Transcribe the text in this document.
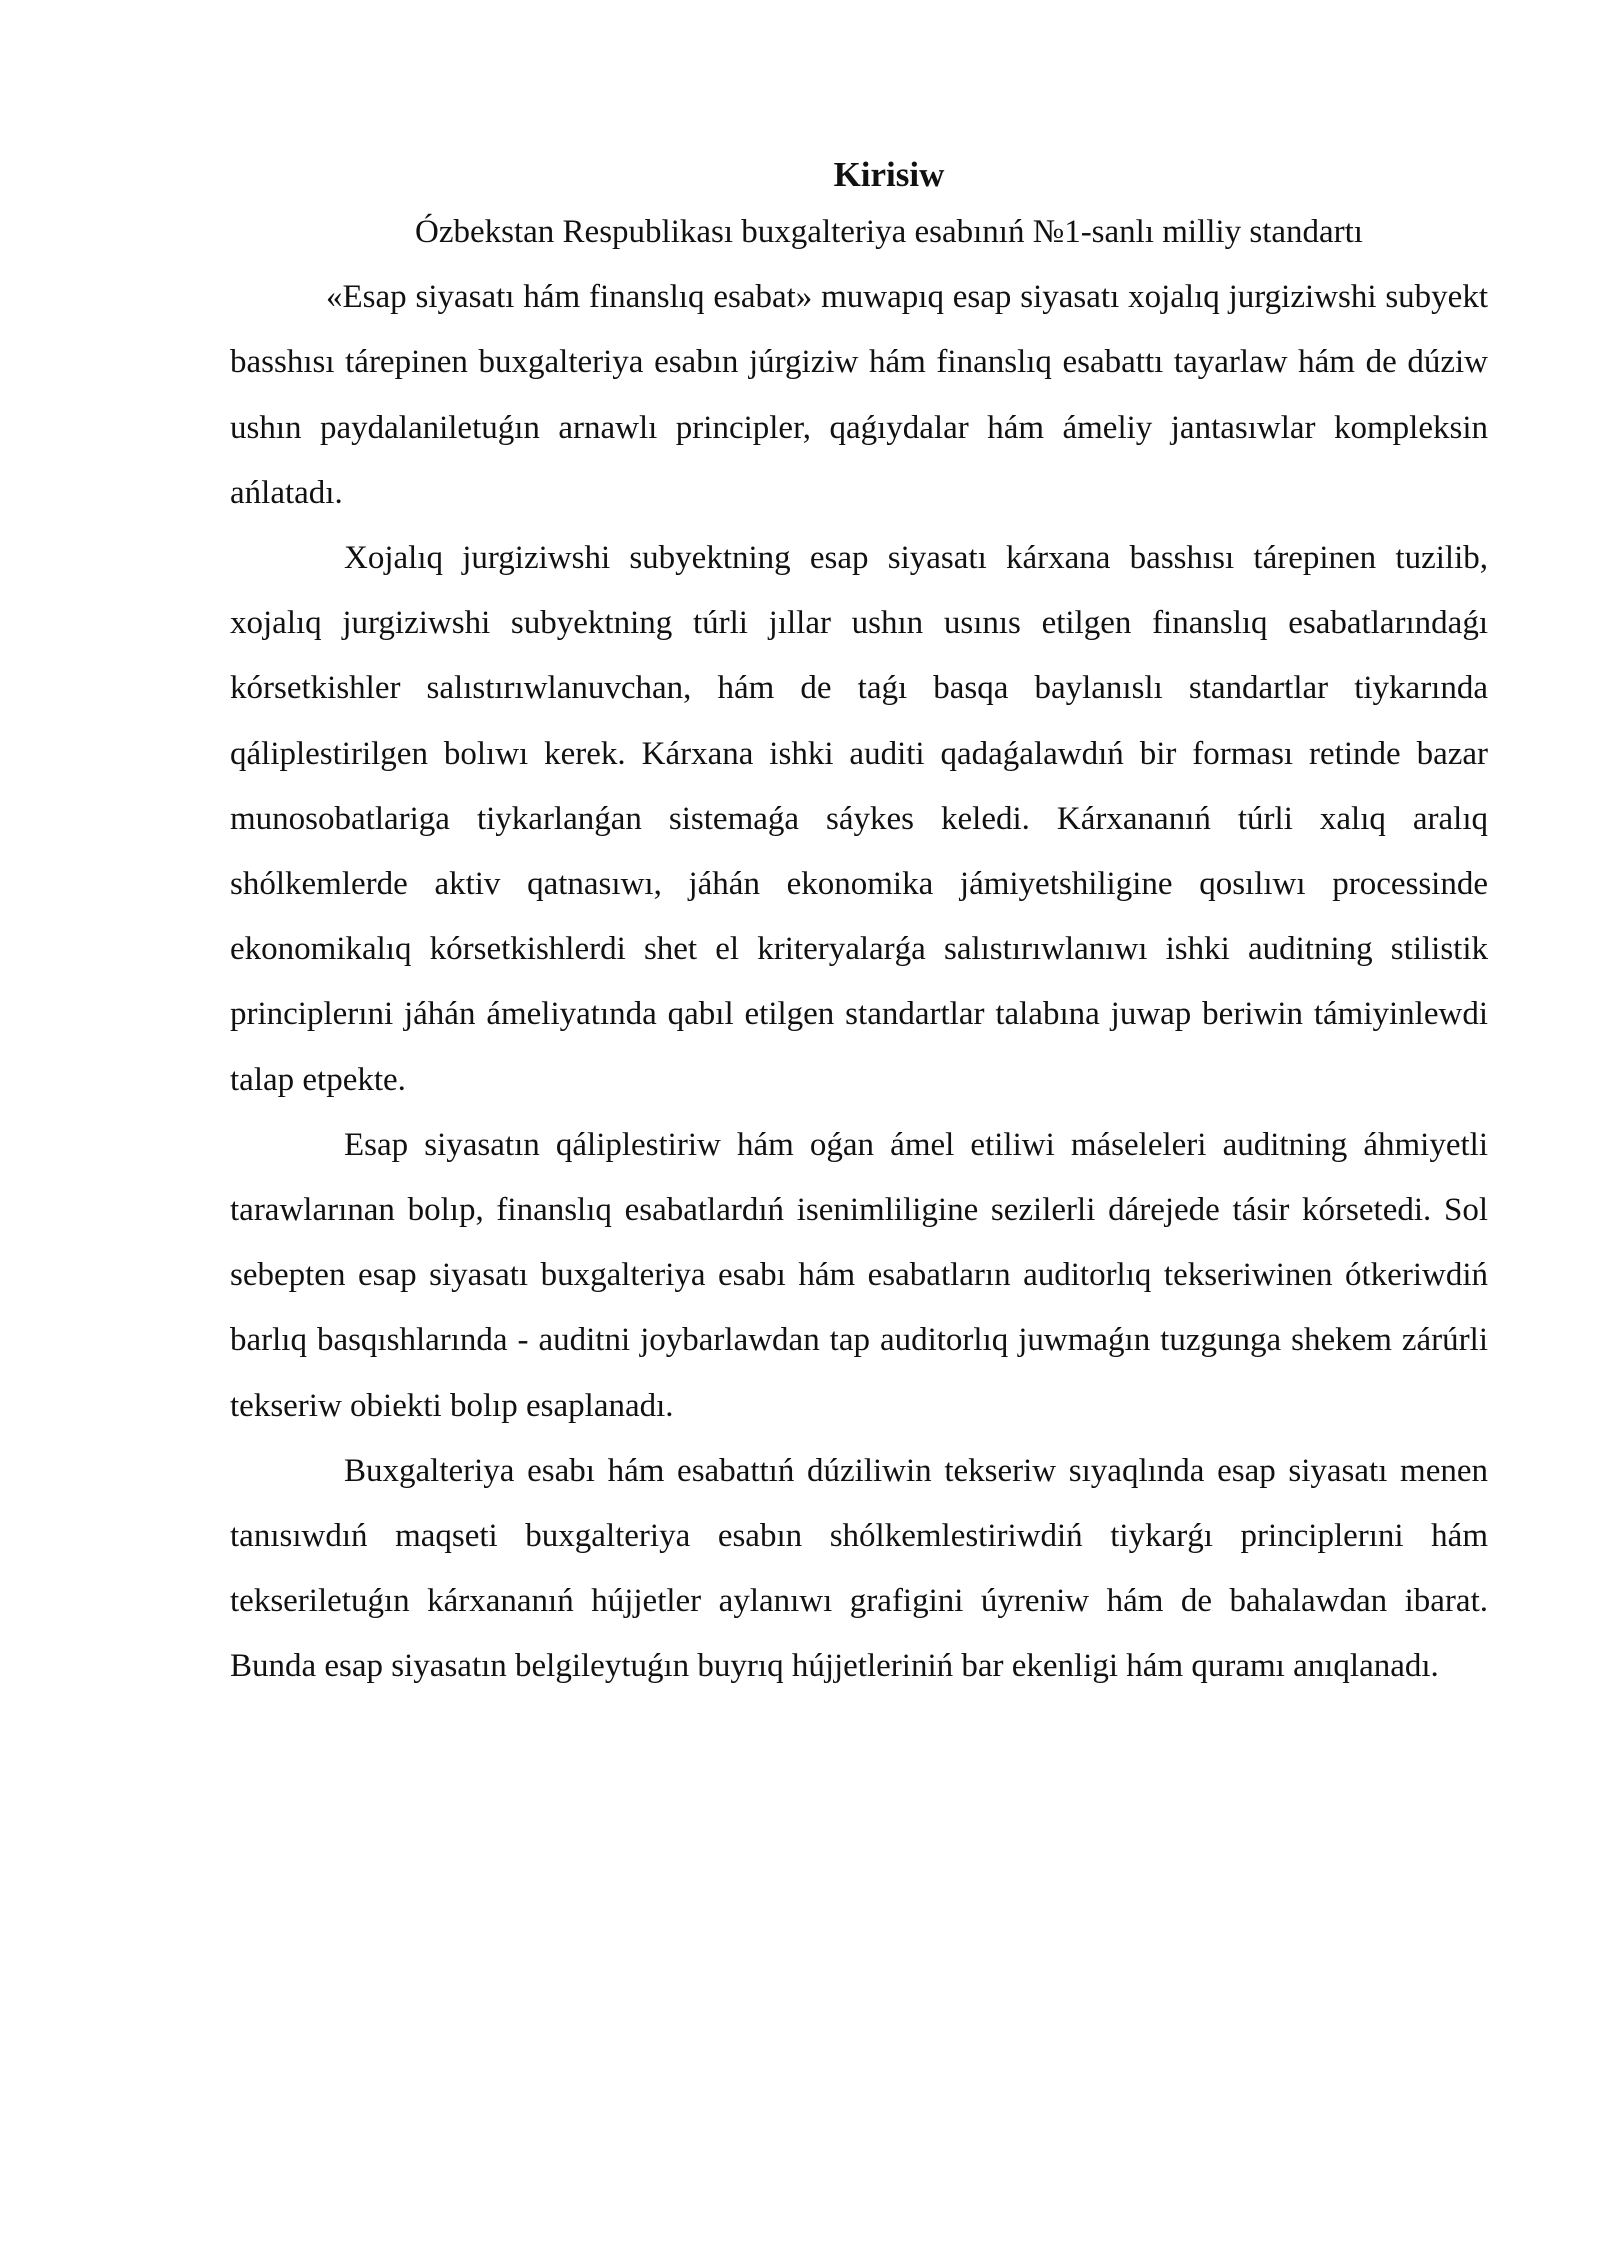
Kirisiw

Ózbekstan Respublikası buxgalteriya esabınıń №1-sanlı milliy standartı

«Esap siyasatı hám finanslıq esabat» muwapıq esap siyasatı xojalıq jurgiziwshi subyekt basshısı tárepinen buxgalteriya esabın júrgiziw hám finanslıq esabattı tayarlaw hám de dúziw ushın paydalaniletuǵın arnawlı principler, qaǵıydalar hám ámeliy jantasıwlar kompleksin ańlatadı.

Xojalıq jurgiziwshi subyektning esap siyasatı kárxana basshısı tárepinen tuzilib, xojalıq jurgiziwshi subyektning túrli jıllar ushın usınıs etilgen finanslıq esabatlarındaǵı kórsetkishler salıstırıwlanuvchan, hám de taǵı basqa baylanıslı standartlar tiykarında qáliplestirilgen bolıwı kerek. Kárxana ishki auditi qadaǵalawdıń bir forması retinde bazar munosobatlariga tiykarlanǵan sistemaǵa sáykes keledi. Kárxananıń túrli xalıq aralıq shólkemlerde aktiv qatnasıwı, jáhán ekonomika jámiyetshiligine qosılıwı processinde ekonomikalıq kórsetkishlerdi shet el kriteryalarǵa salıstırıwlanıwı ishki auditning stilistik principlerıni jáhán ámeliyatında qabıl etilgen standartlar talabına juwap beriwin támiyinlewdi talap etpekte.

Esap siyasatın qáliplestiriw hám oǵan ámel etiliwi máseleleri auditning áhmiyetli tarawlarınan bolıp, finanslıq esabatlardıń isenimliligine sezilerli dárejede tásir kórsetedi. Sol sebepten esap siyasatı buxgalteriya esabı hám esabatların auditorlıq tekseriwinen ótkeriwdiń barlıq basqıshlarında - auditni joybarlawdan tap auditorlıq juwmaǵın tuzgunga shekem zárúrli tekseriw obiekti bolıp esaplanadı.

Buxgalteriya esabı hám esabattıń dúziliwin tekseriw sıyaqlında esap siyasatı menen tanısıwdıń maqseti buxgalteriya esabın shólkemlestiriwdiń tiykarǵı principlerıni hám tekseriletuǵın kárxananıń hújjetler aylanıwı grafigini úyreniw hám de bahalawdan ibarat. Bunda esap siyasatın belgileytuǵın buyrıq hújjetleriniń bar ekenligi hám quramı anıqlanadı.
